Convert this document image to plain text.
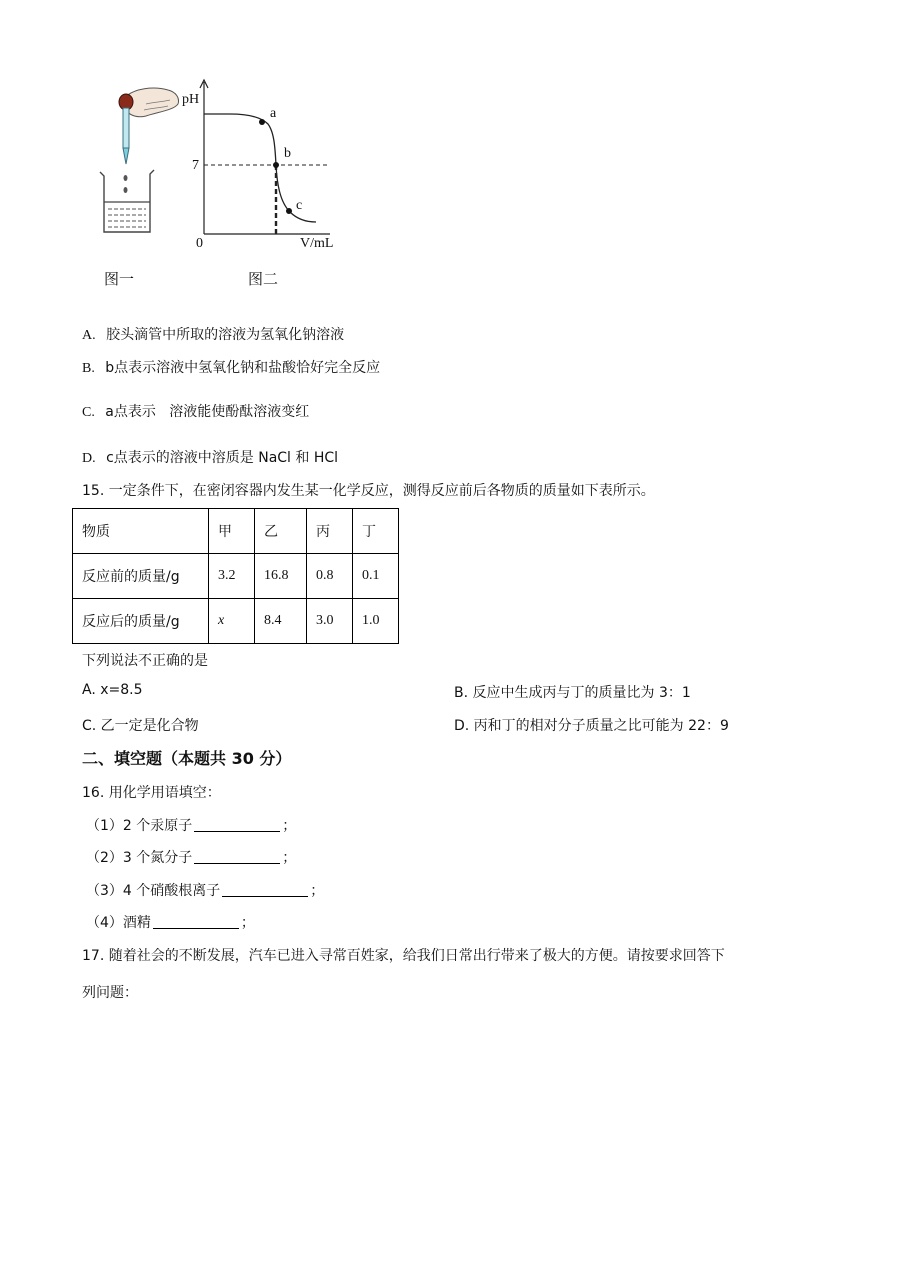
图一
pH
V/mL
0
7
a
b
c
图二
A. 胶头滴管中所取的溶液为氢氧化钠溶液
B. b点表示溶液中氢氧化钠和盐酸恰好完全反应
C. a点表示   溶液能使酚酞溶液变红
D. c点表示的溶液中溶质是 NaCl 和 HCl
15. 一定条件下，在密闭容器内发生某一化学反应，测得反应前后各物质的质量如下表所示。
物质	甲	乙	丙	丁
反应前的质量/g	3.2	16.8	0.8	0.1
反应后的质量/g	x	8.4	3.0	1.0
下列说法不正确的是
A. x=8.5	B. 反应中生成丙与丁的质量比为 3：1
C. 乙一定是化合物	D. 丙和丁的相对分子质量之比可能为 22：9
二、填空题（本题共 30 分）
16. 用化学用语填空：
（1）2 个汞原子	；
（2）3 个氮分子	；
（3）4 个硝酸根离子	；
（4）酒精	；
17. 随着社会的不断发展，汽车已进入寻常百姓家，给我们日常出行带来了极大的方便。请按要求回答下
列问题：
